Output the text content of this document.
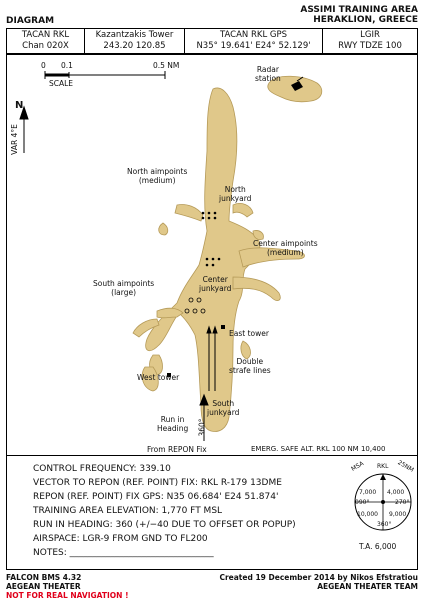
DIAGRAM
ASSIMI TRAINING AREA
HERAKLION, GREECE
TACAN RKL
Chan 020X
Kazantzakis Tower
243.20 120.85
TACAN RKL GPS
N35° 19.641' E24° 52.129'
LGIR
RWY TDZE 100
0 0.1	0.5 NM
SCALE
N
VAR 4°E
Radar
station
North aimpoints
(medium)
North
junkyard
Center aimpoints
(medium)
Center
junkyard
South aimpoints
(large)
East tower
Double
strafe lines
West tower
South
junkyard
Run in
Heading 360°
From REPON Fix	EMERG. SAFE ALT. RKL 100 NM 10,400
CONTROL FREQUENCY: 339.10
VECTOR TO REPON (REF. POINT) FIX: RKL R-179 13DME
REPON (REF. POINT) FIX GPS: N35 06.684' E24 51.874'
TRAINING AREA ELEVATION: 1,770 FT MSL
RUN IN HEADING: 360 (+/−40 DUE TO OFFSET OR POPUP)
AIRSPACE: LGR-9 FROM GND TO FL200
NOTES: ________________________________
MSA RKL 25NM
7,000 4,000
090°	270°
10,000 9,000
360°
T.A. 6,000
FALCON BMS 4.32
AEGEAN THEATER
NOT FOR REAL NAVIGATION !
Created 19 December 2014 by Nikos Efstratiou
AEGEAN THEATER TEAM
